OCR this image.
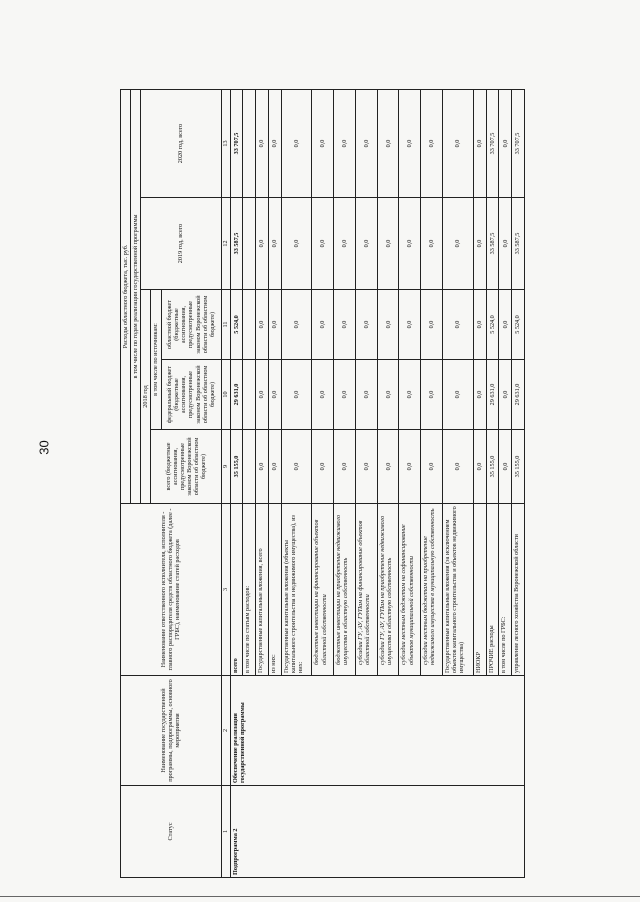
30
Статус	Наименование государственной программы, подпрограммы, основного мероприятия	Наименование ответственного исполнителя, исполнителя - главного распорядителя средств областного бюджета (далее - ГРБС), наименование статей расходов	Расходы областного бюджета, тыс. руб.				
			в том числе по годам реализации государственной программы				
			2018 год			2019 год, всего	2020 год, всего
			всего (бюджетные ассигнования, предусмотренные законом Воронежской области об областном бюджете)	в том числе по источникам:			
				федеральный бюджет (бюджетные ассигнования, предусмотренные законом Воронежской области об областном бюджете)	областной бюджет (бюджетные ассигнования, предусмотренные законом Воронежской области об областном бюджете)		
1	2	3	9	10	11	12	13
Подпрограмма 2	Обеспечение реализации государственной программы	всего	35 155,0	29 631,0	5 524,0	33 587,5	33 707,5
		в том числе по статьям расходов:					
		Государственные капитальные вложения, всего	0,0	0,0	0,0	0,0	0,0
		из них:	0,0	0,0	0,0	0,0	0,0
		Государственные капитальные вложения (объекты капитального строительства и недвижимого имущества), из них:	0,0	0,0	0,0	0,0	0,0
		бюджетные инвестиции на финансирование объектов областной собственности	0,0	0,0	0,0	0,0	0,0
		бюджетные инвестиции на приобретение недвижимого имущества в областную собственность	0,0	0,0	0,0	0,0	0,0
		субсидии ГУ, АУ, ГУПам на финансирование объектов областной собственности	0,0	0,0	0,0	0,0	0,0
		субсидии ГУ, АУ, ГУПам на приобретение недвижимого имущества в областную собственность	0,0	0,0	0,0	0,0	0,0
		субсидии местным бюджетам на софинансирование объектов муниципальной собственности	0,0	0,0	0,0	0,0	0,0
		субсидии местным бюджетам на приобретение недвижимого имущества в муниципальную собственность	0,0	0,0	0,0	0,0	0,0
		Государственные капитальные вложения (за исключением объектов капитального строительства и объектов недвижимого имущества)	0,0	0,0	0,0	0,0	0,0
		НИОКР	0,0	0,0	0,0	0,0	0,0
		ПРОЧИЕ расходы	35 155,0	29 631,0	5 524,0	33 587,5	33 707,5
		в том числе по ГРБС:	0,0	0,0	0,0	0,0	0,0
		управление лесного хозяйства Воронежской области	35 155,0	29 631,0	5 524,0	33 587,5	33 707,5
